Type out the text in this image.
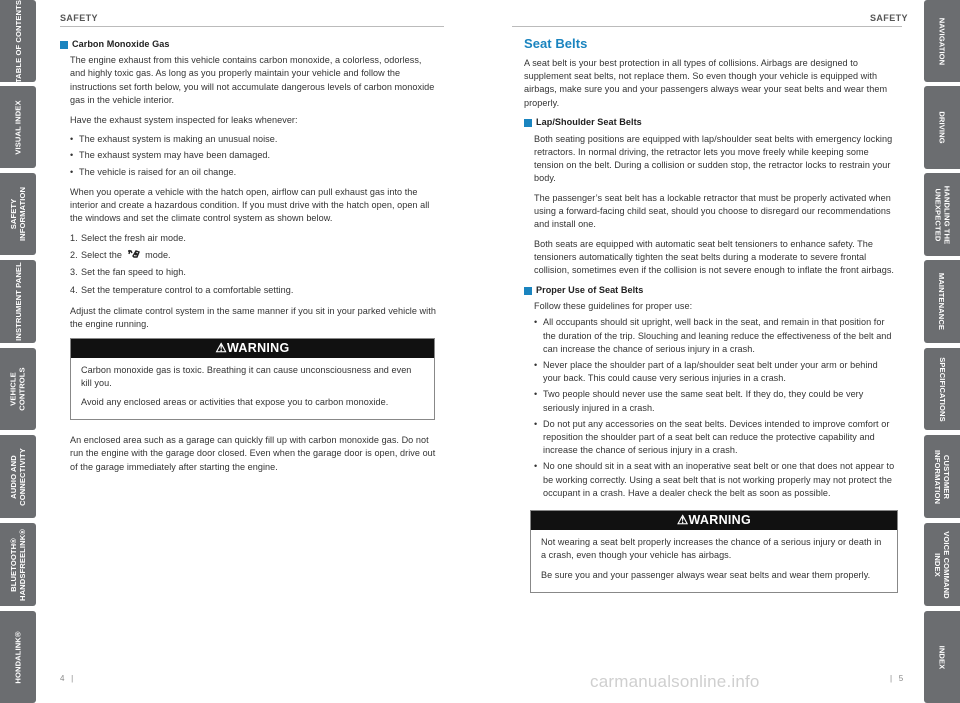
TABLE OF CONTENTS
VISUAL INDEX
SAFETY
INFORMATION
INSTRUMENT PANEL
VEHICLE
CONTROLS
AUDIO AND
CONNECTIVITY
BLUETOOTH®
HANDSFREELINK®
HONDALINK®
NAVIGATION
DRIVING
HANDLING THE
UNEXPECTED
MAINTENANCE
SPECIFICATIONS
CUSTOMER
INFORMATION
VOICE COMMAND
INDEX
INDEX
SAFETY	SAFETY
Carbon Monoxide Gas

The engine exhaust from this vehicle contains carbon monoxide, a colorless, odorless, and highly toxic gas. As long as you properly maintain your vehicle and follow the instructions set forth below, you will not accumulate dangerous levels of carbon monoxide gas in the vehicle interior.

Have the exhaust system inspected for leaks whenever:

• The exhaust system is making an unusual noise.

• The exhaust system may have been damaged.

• The vehicle is raised for an oil change.

When you operate a vehicle with the hatch open, airflow can pull exhaust gas into the interior and create a hazardous condition. If you must drive with the hatch open, open all the windows and set the climate control system as shown below.

1. Select the fresh air mode.
2. Select the	mode.
3. Set the fan speed to high.
4. Set the temperature control to a comfortable setting.

Adjust the climate control system in the same manner if you sit in your parked vehicle with the engine running.

⚠WARNING

Carbon monoxide gas is toxic. Breathing it can cause unconsciousness and even kill you.

Avoid any enclosed areas or activities that expose you to carbon monoxide.

An enclosed area such as a garage can quickly fill up with carbon monoxide gas. Do not run the engine with the garage door closed. Even when the garage door is open, drive out of the garage immediately after starting the engine.

Seat Belts

A seat belt is your best protection in all types of collisions. Airbags are designed to supplement seat belts, not replace them. So even though your vehicle is equipped with airbags, make sure you and your passengers always wear your seat belts and wear them properly.

Lap/Shoulder Seat Belts

Both seating positions are equipped with lap/shoulder seat belts with emergency locking retractors. In normal driving, the retractor lets you move freely while keeping some tension on the belt. During a collision or sudden stop, the retractor locks to restrain your body.

The passenger’s seat belt has a lockable retractor that must be properly activated when using a forward-facing child seat, should you choose to disregard our recommendations and install one.

Both seats are equipped with automatic seat belt tensioners to enhance safety. The tensioners automatically tighten the seat belts during a moderate to severe frontal collision, sometimes even if the collision is not severe enough to inflate the front airbags.

Proper Use of Seat Belts

Follow these guidelines for proper use:

• All occupants should sit upright, well back in the seat, and remain in that position for the duration of the trip. Slouching and leaning reduce the effectiveness of the belt and can increase the chance of serious injury in a crash.

• Never place the shoulder part of a lap/shoulder seat belt under your arm or behind your back. This could cause very serious injuries in a crash.

• Two people should never use the same seat belt. If they do, they could be very seriously injured in a crash.

• Do not put any accessories on the seat belts. Devices intended to improve comfort or reposition the shoulder part of a seat belt can reduce the protective capability and increase the chance of serious injury in a crash.

• No one should sit in a seat with an inoperative seat belt or one that does not appear to be working correctly. Using a seat belt that is not working properly may not protect the occupant in a crash. Have a dealer check the belt as soon as possible.

⚠WARNING

Not wearing a seat belt properly increases the chance of a serious injury or death in a crash, even though your vehicle has airbags.

Be sure you and your passenger always wear seat belts and wear them properly.

4   |	|   5
carmanualsonline.info
